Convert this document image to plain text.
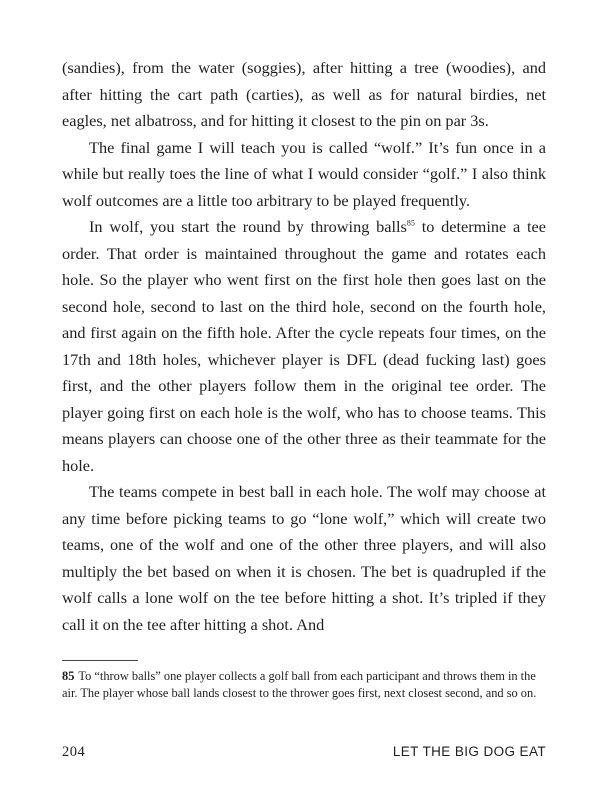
(sandies), from the water (soggies), after hitting a tree (woodies), and after hitting the cart path (carties), as well as for natural birdies, net eagles, net albatross, and for hitting it closest to the pin on par 3s.

The final game I will teach you is called “wolf.” It’s fun once in a while but really toes the line of what I would consider “golf.” I also think wolf outcomes are a little too arbitrary to be played frequently.

In wolf, you start the round by throwing balls$^{85}$ to determine a tee order. That order is maintained throughout the game and rotates each hole. So the player who went first on the first hole then goes last on the second hole, second to last on the third hole, second on the fourth hole, and first again on the fifth hole. After the cycle repeats four times, on the 17th and 18th holes, whichever player is DFL (dead fucking last) goes first, and the other players follow them in the original tee order. The player going first on each hole is the wolf, who has to choose teams. This means players can choose one of the other three as their teammate for the hole.

The teams compete in best ball in each hole. The wolf may choose at any time before picking teams to go “lone wolf,” which will create two teams, one of the wolf and one of the other three players, and will also multiply the bet based on when it is chosen. The bet is quadrupled if the wolf calls a lone wolf on the tee before hitting a shot. It’s tripled if they call it on the tee after hitting a shot. And

85 To “throw balls” one player collects a golf ball from each participant and throws them in the air. The player whose ball lands closest to the thrower goes first, next closest second, and so on.

204	LET THE BIG DOG EAT
